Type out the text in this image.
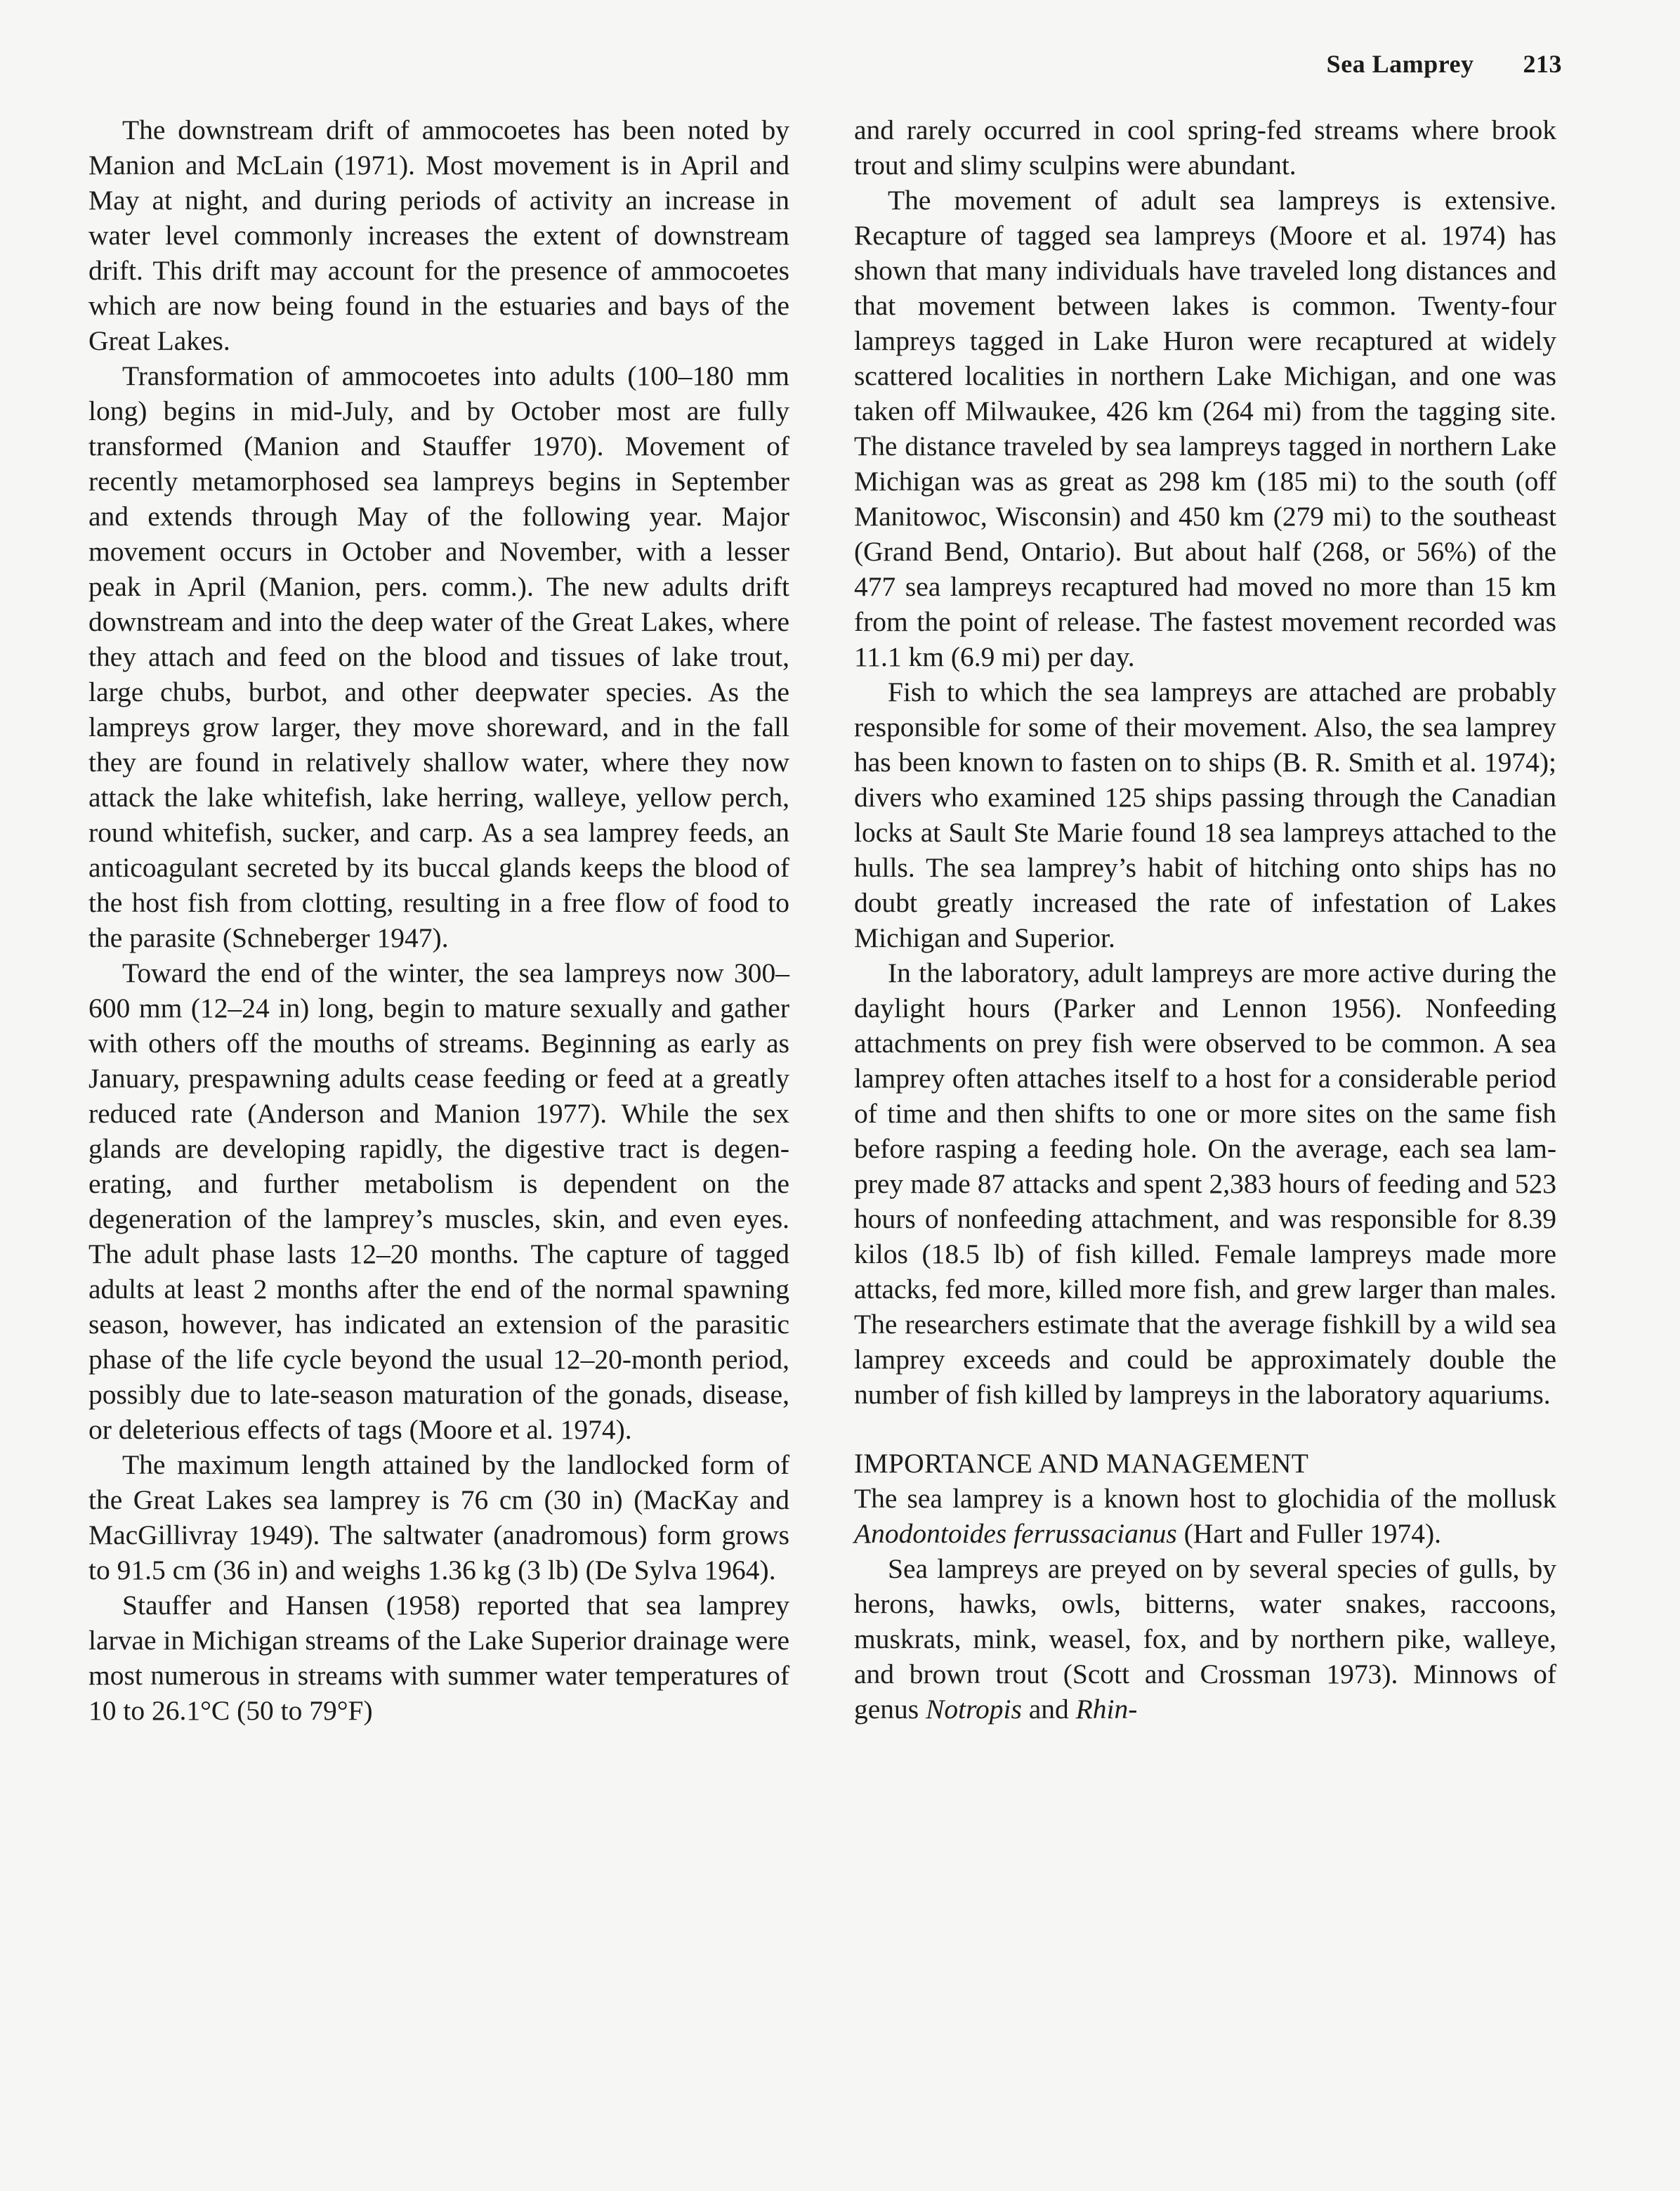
Sea Lamprey 213

The downstream drift of ammocoetes has been noted by Manion and McLain (1971). Most movement is in April and May at night, and during periods of activity an increase in water level commonly increases the extent of downstream drift. This drift may account for the presence of ammocoetes which are now being found in the estuaries and bays of the Great Lakes.

Transformation of ammocoetes into adults (100–180 mm long) begins in mid-July, and by October most are fully transformed (Manion and Stauffer 1970). Movement of recently metamorphosed sea lampreys begins in September and extends through May of the following year. Major movement occurs in October and November, with a lesser peak in April (Manion, pers. comm.). The new adults drift downstream and into the deep water of the Great Lakes, where they attach and feed on the blood and tissues of lake trout, large chubs, burbot, and other deepwater species. As the lampreys grow larger, they move shoreward, and in the fall they are found in relatively shallow water, where they now attack the lake whitefish, lake herring, walleye, yellow perch, round whitefish, sucker, and carp. As a sea lamprey feeds, an anticoagulant secreted by its buccal glands keeps the blood of the host fish from clotting, resulting in a free flow of food to the parasite (Schneberger 1947).

Toward the end of the winter, the sea lampreys now 300–600 mm (12–24 in) long, begin to mature sexually and gather with others off the mouths of streams. Beginning as early as January, prespawning adults cease feeding or feed at a greatly reduced rate (Anderson and Manion 1977). While the sex glands are developing rapidly, the digestive tract is degenerating, and further metabolism is dependent on the degeneration of the lamprey’s muscles, skin, and even eyes. The adult phase lasts 12–20 months. The capture of tagged adults at least 2 months after the end of the normal spawning season, however, has indicated an extension of the parasitic phase of the life cycle beyond the usual 12–20-month period, possibly due to late-season maturation of the gonads, disease, or deleterious effects of tags (Moore et al. 1974).

The maximum length attained by the landlocked form of the Great Lakes sea lamprey is 76 cm (30 in) (MacKay and MacGillivray 1949). The saltwater (anadromous) form grows to 91.5 cm (36 in) and weighs 1.36 kg (3 lb) (De Sylva 1964).

Stauffer and Hansen (1958) reported that sea lamprey larvae in Michigan streams of the Lake Superior drainage were most numerous in streams with summer water temperatures of 10 to 26.1°C (50 to 79°F)

and rarely occurred in cool spring-fed streams where brook trout and slimy sculpins were abundant.

The movement of adult sea lampreys is extensive. Recapture of tagged sea lampreys (Moore et al. 1974) has shown that many individuals have traveled long distances and that movement between lakes is common. Twenty-four lampreys tagged in Lake Huron were recaptured at widely scattered localities in northern Lake Michigan, and one was taken off Milwaukee, 426 km (264 mi) from the tagging site. The distance traveled by sea lampreys tagged in northern Lake Michigan was as great as 298 km (185 mi) to the south (off Manitowoc, Wisconsin) and 450 km (279 mi) to the southeast (Grand Bend, Ontario). But about half (268, or 56%) of the 477 sea lampreys recaptured had moved no more than 15 km from the point of release. The fastest movement recorded was 11.1 km (6.9 mi) per day.

Fish to which the sea lampreys are attached are probably responsible for some of their movement. Also, the sea lamprey has been known to fasten on to ships (B. R. Smith et al. 1974); divers who examined 125 ships passing through the Canadian locks at Sault Ste Marie found 18 sea lampreys attached to the hulls. The sea lamprey’s habit of hitching onto ships has no doubt greatly increased the rate of infestation of Lakes Michigan and Superior.

In the laboratory, adult lampreys are more active during the daylight hours (Parker and Lennon 1956). Nonfeeding attachments on prey fish were observed to be common. A sea lamprey often attaches itself to a host for a considerable period of time and then shifts to one or more sites on the same fish before rasping a feeding hole. On the average, each sea lamprey made 87 attacks and spent 2,383 hours of feeding and 523 hours of nonfeeding attachment, and was responsible for 8.39 kilos (18.5 lb) of fish killed. Female lampreys made more attacks, fed more, killed more fish, and grew larger than males. The researchers estimate that the average fishkill by a wild sea lamprey exceeds and could be approximately double the number of fish killed by lampreys in the laboratory aquariums.

IMPORTANCE AND MANAGEMENT

The sea lamprey is a known host to glochidia of the mollusk Anodontoides ferrussacianus (Hart and Fuller 1974).

Sea lampreys are preyed on by several species of gulls, by herons, hawks, owls, bitterns, water snakes, raccoons, muskrats, mink, weasel, fox, and by northern pike, walleye, and brown trout (Scott and Crossman 1973). Minnows of genus Notropis and Rhin-
